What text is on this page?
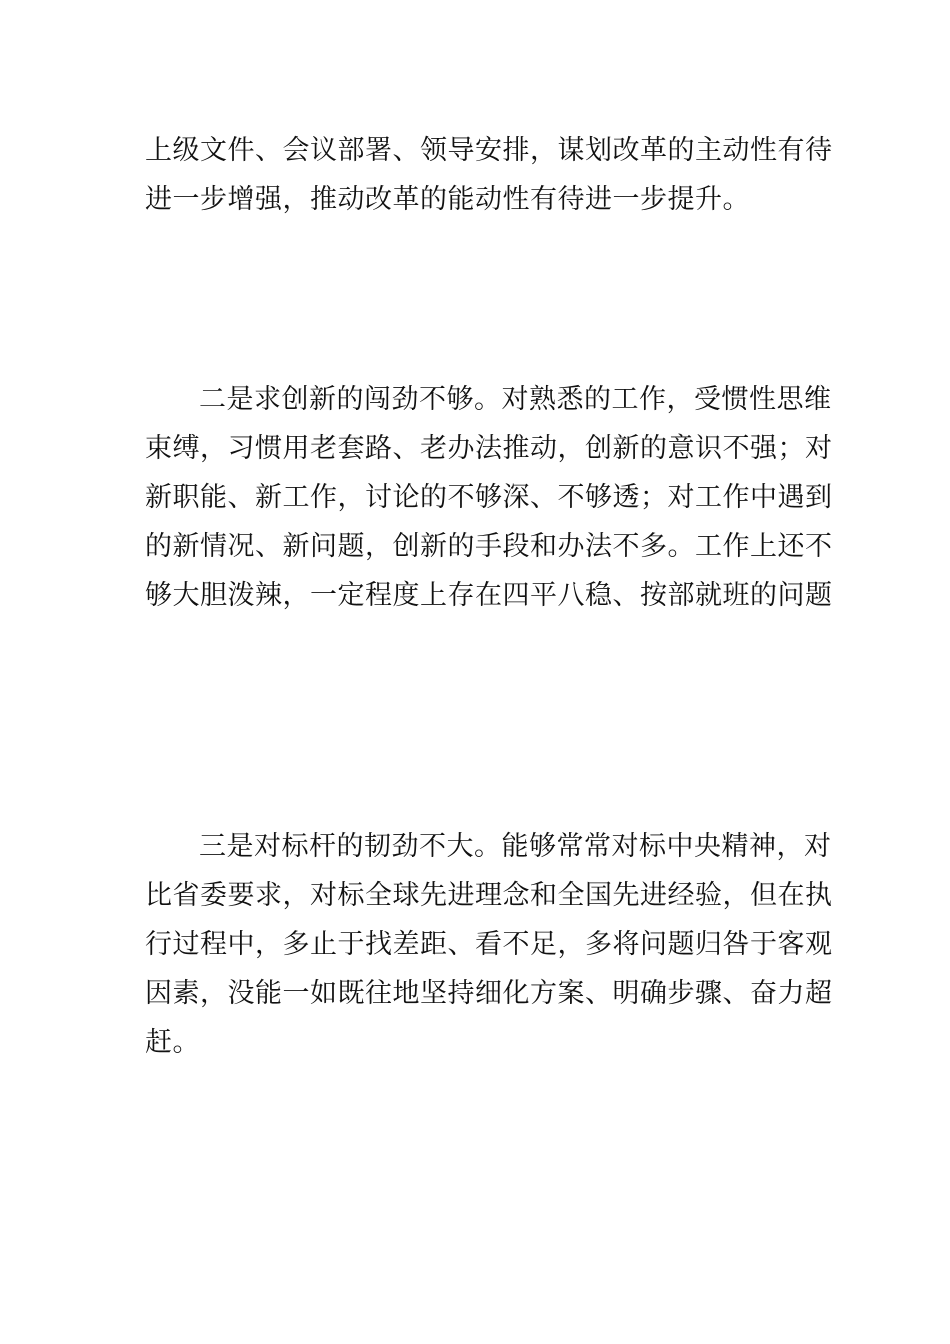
上级文件、会议部署、领导安排，谋划改革的主动性有待
进一步增强，推动改革的能动性有待进一步提升。
二是求创新的闯劲不够。对熟悉的工作，受惯性思维
束缚，习惯用老套路、老办法推动，创新的意识不强；对
新职能、新工作，讨论的不够深、不够透；对工作中遇到
的新情况、新问题，创新的手段和办法不多。工作上还不
够大胆泼辣，一定程度上存在四平八稳、按部就班的问题
三是对标杆的韧劲不大。能够常常对标中央精神，对
比省委要求，对标全球先进理念和全国先进经验，但在执
行过程中，多止于找差距、看不足，多将问题归咎于客观
因素，没能一如既往地坚持细化方案、明确步骤、奋力超
赶。
